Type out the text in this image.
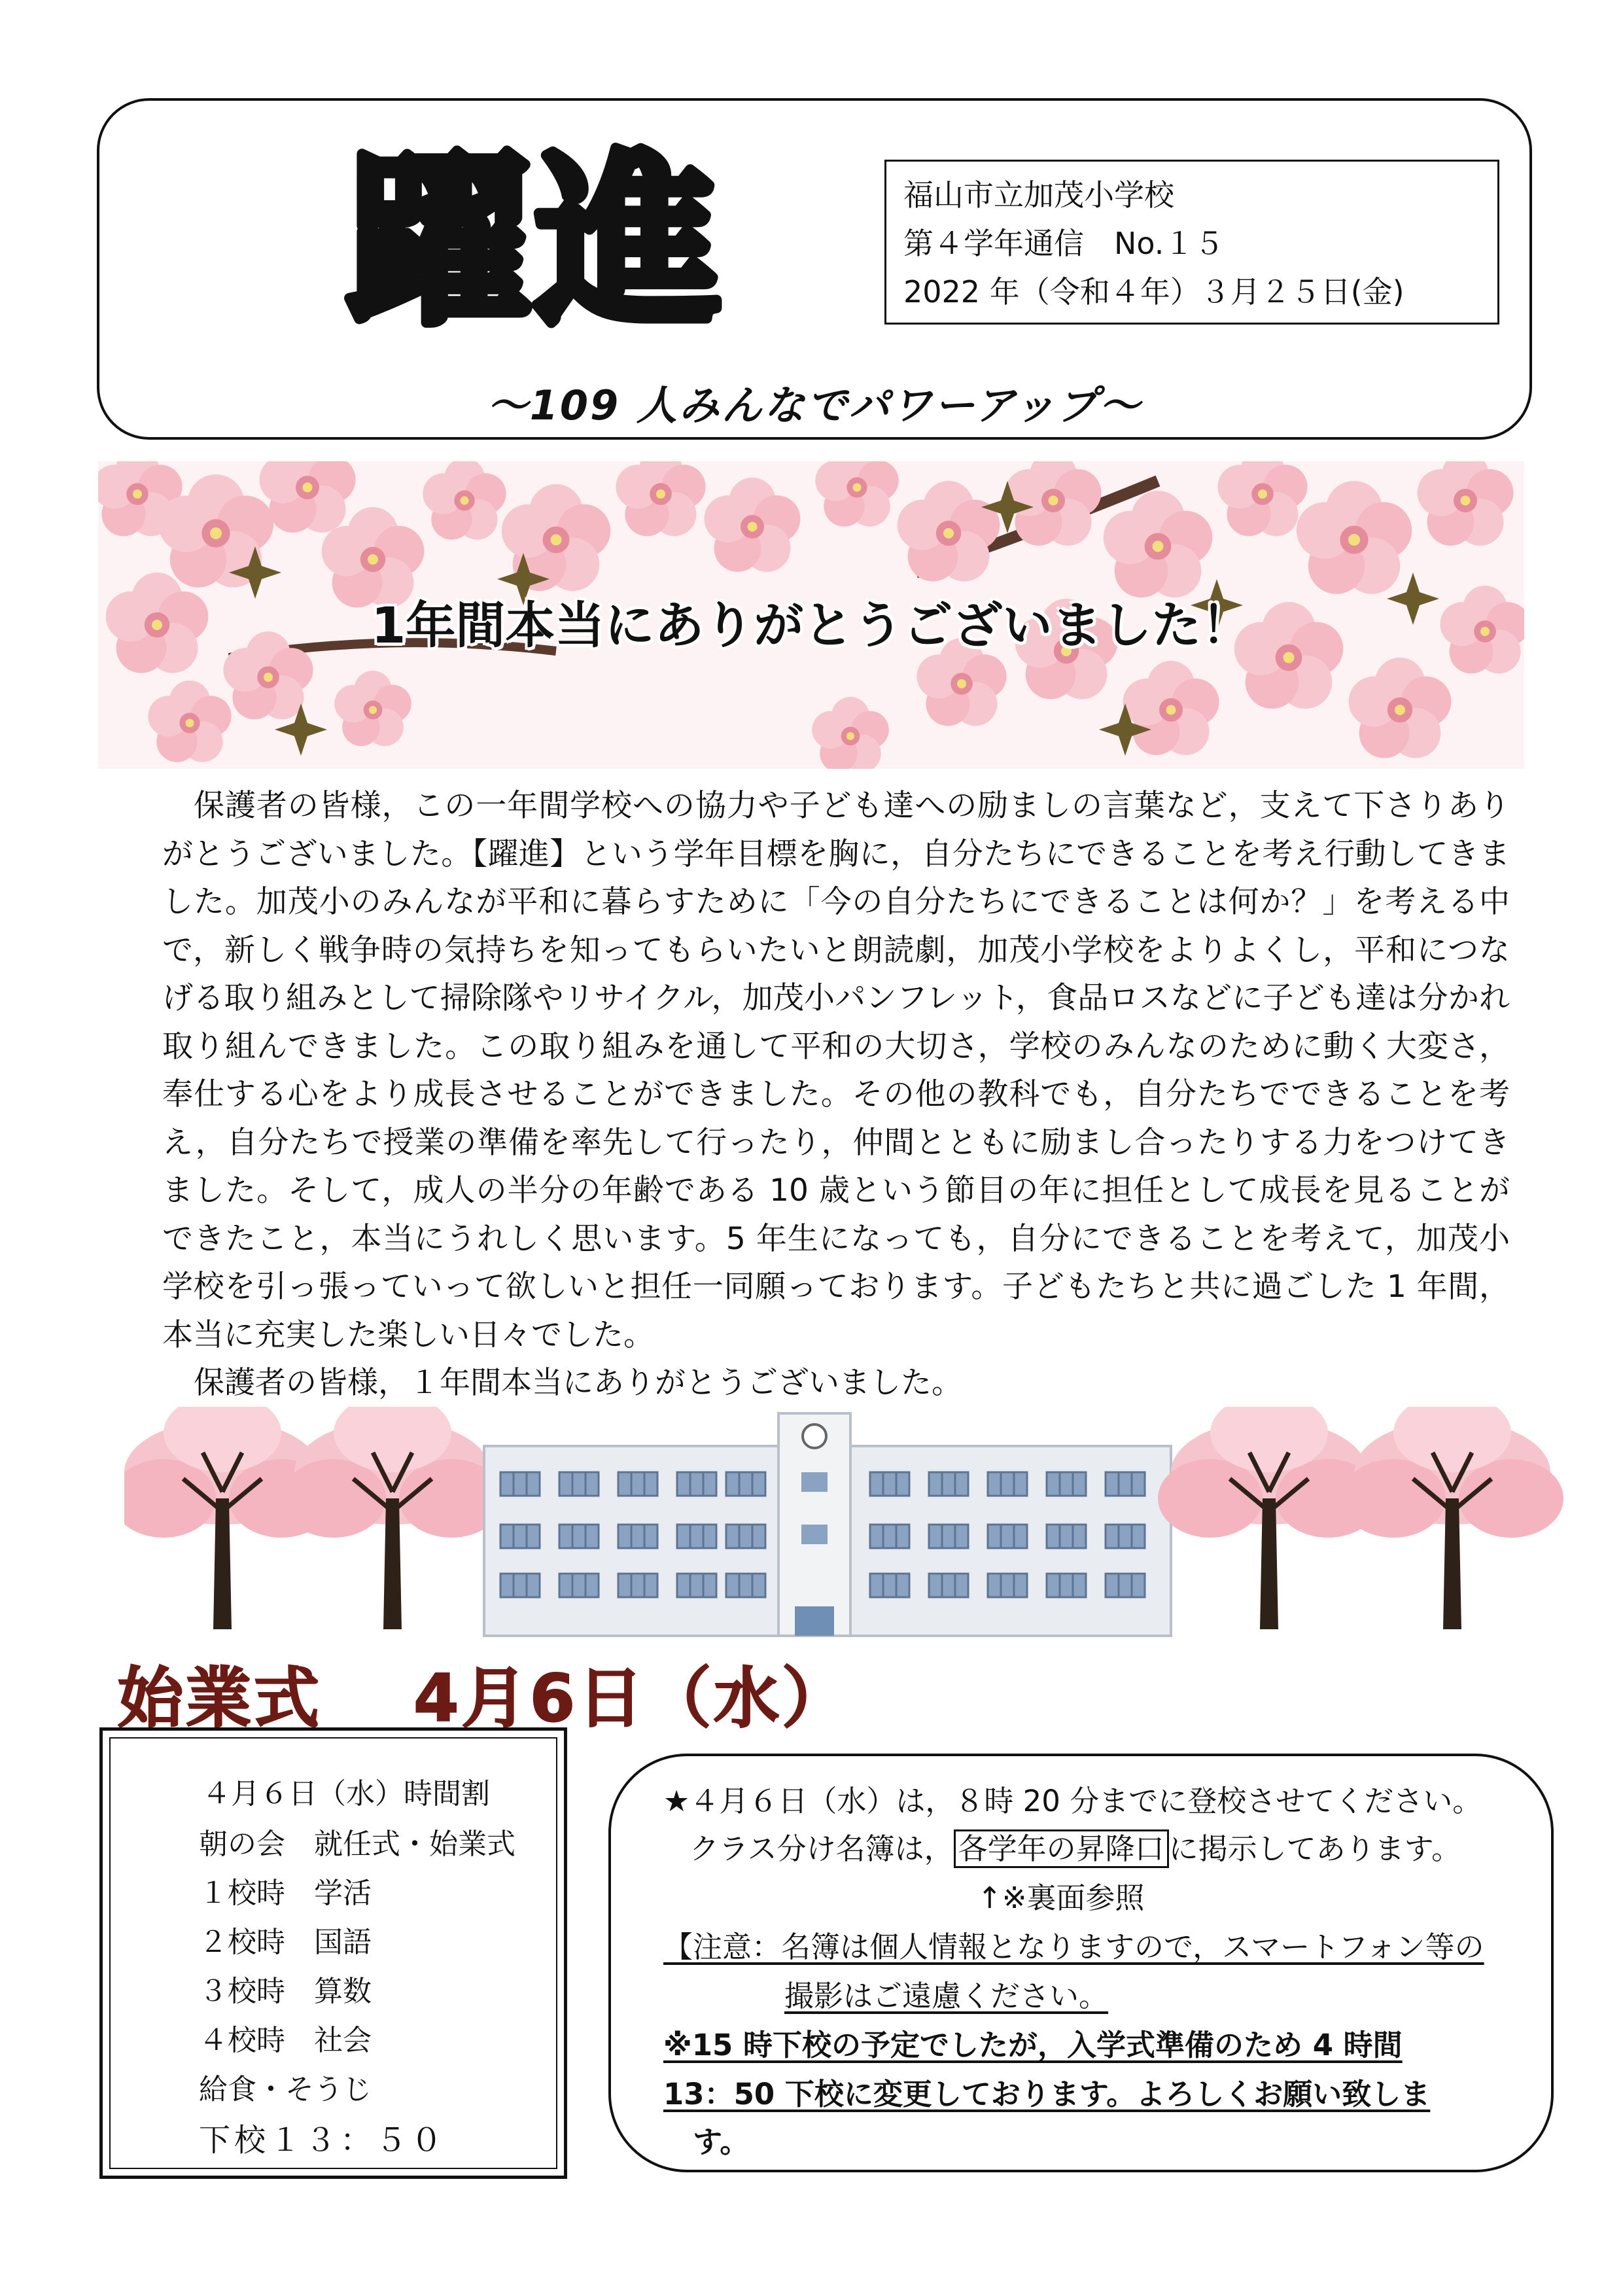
躍進	福山市立加茂小学校
第４学年通信　No.１５
2022 年（令和４年）３月２５日(金)
～109 人みんなでパワーアップ～
1年間本当にありがとうございました！

保護者の皆様，この一年間学校への協力や子ども達への励ましの言葉など，支えて下さりありがとうございました。【躍進】という学年目標を胸に，自分たちにできることを考え行動してきました。加茂小のみんなが平和に暮らすために「今の自分たちにできることは何か？」を考える中で，新しく戦争時の気持ちを知ってもらいたいと朗読劇，加茂小学校をよりよくし，平和につなげる取り組みとして掃除隊やリサイクル，加茂小パンフレット，食品ロスなどに子ども達は分かれ取り組んできました。この取り組みを通して平和の大切さ，学校のみんなのために動く大変さ，奉仕する心をより成長させることができました。その他の教科でも，自分たちでできることを考え，自分たちで授業の準備を率先して行ったり，仲間とともに励まし合ったりする力をつけてきました。そして，成人の半分の年齢である 10 歳という節目の年に担任として成長を見ることができたこと，本当にうれしく思います。5 年生になっても，自分にできることを考えて，加茂小学校を引っ張っていって欲しいと担任一同願っております。子どもたちと共に過ごした 1 年間，本当に充実した楽しい日々でした。

保護者の皆様，１年間本当にありがとうございました。

始業式 4月6日（水）
４月６日（水）時間割
朝の会　就任式・始業式
１校時　学活
２校時　国語
３校時　算数
４校時　社会
給食・そうじ
下校１３：５０
★４月６日（水）は，８時 20 分までに登校させてください。
クラス分け名簿は， 各学年の昇降口 に掲示してあります。
↑※裏面参照
【注意：名簿は個人情報となりますので，スマートフォン等の
撮影はご遠慮ください。
※15 時下校の予定でしたが，入学式準備のため 4 時間
13：50 下校に変更しております。よろしくお願い致しま
す。
